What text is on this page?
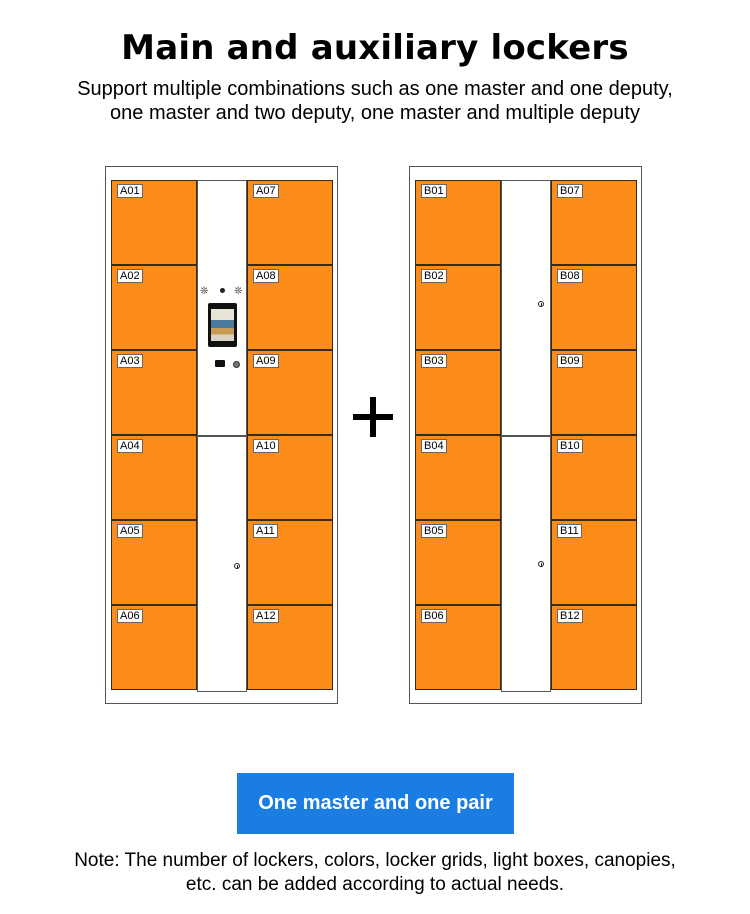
Main and auxiliary lockers
Support multiple combinations such as one master and one deputy,
one master and two deputy, one master and multiple deputy
A01
A02
A03
A04
A05
A06
❊	❊
A07
A08
A09
A10
A11
A12
B01
B02
B03
B04
B05
B06
B07
B08
B09
B10
B11
B12
One master and one pair
Note: The number of lockers, colors, locker grids, light boxes, canopies,
etc. can be added according to actual needs.
